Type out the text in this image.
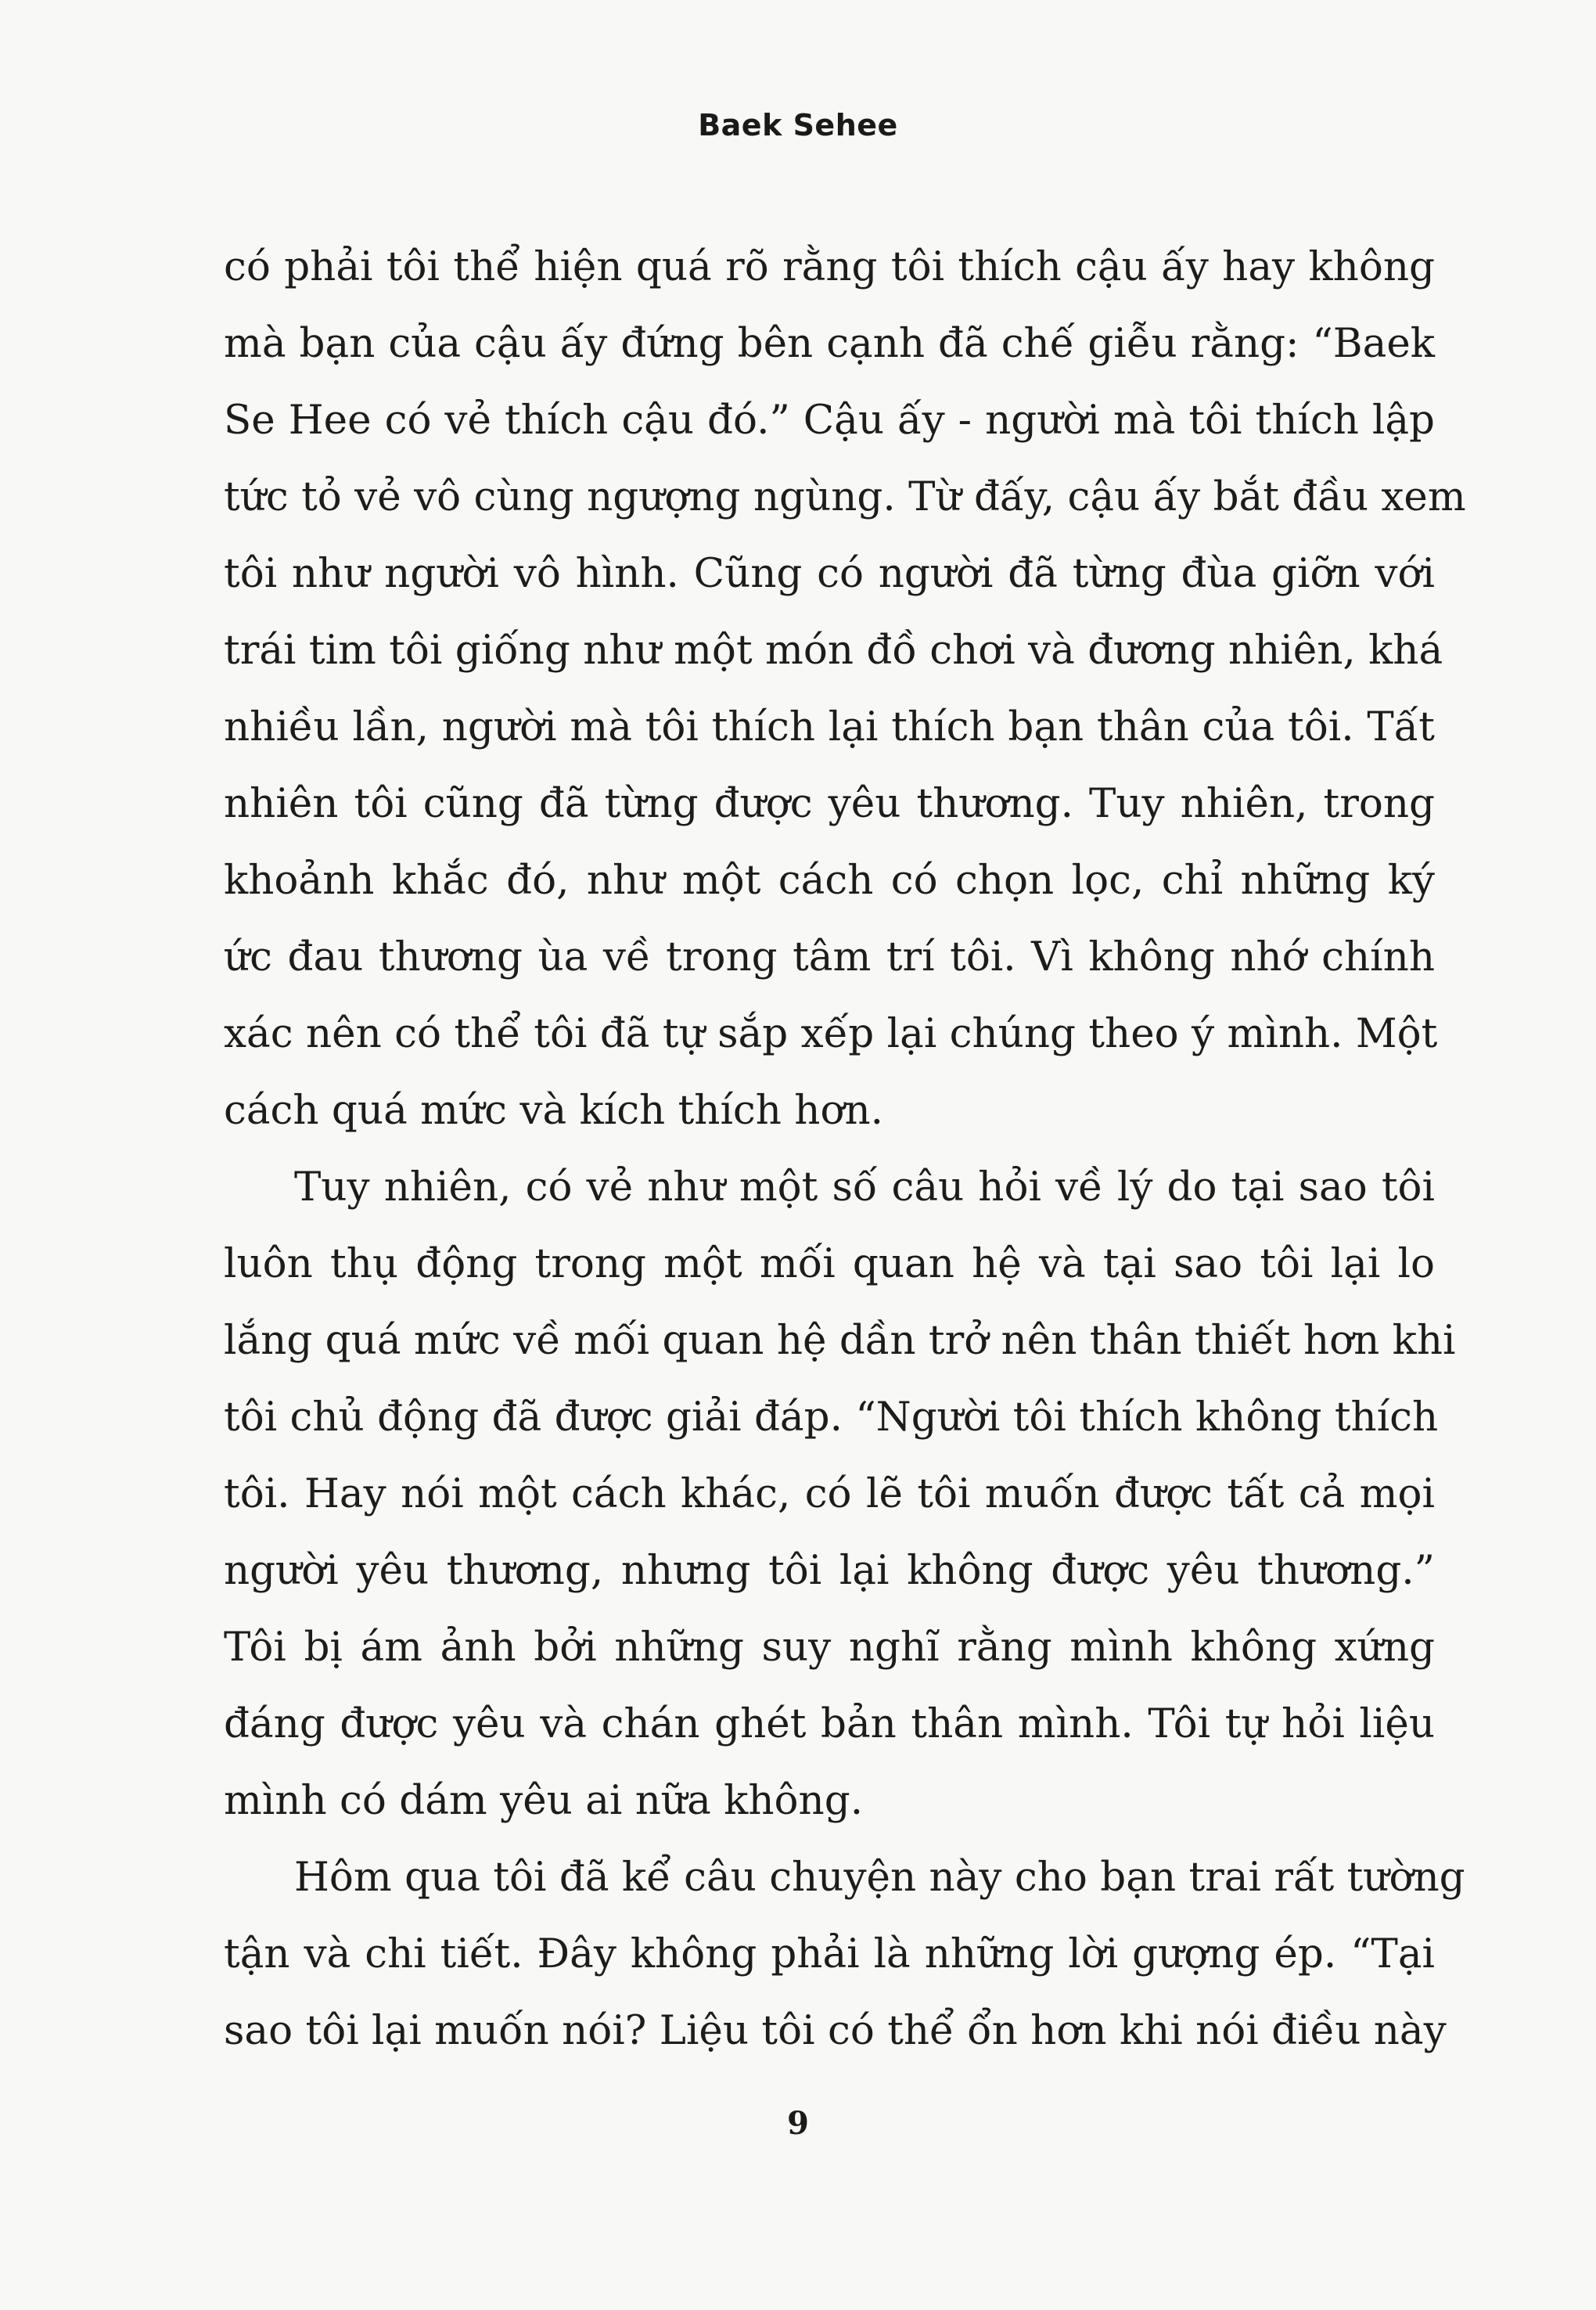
Baek Sehee
có phải tôi thể hiện quá rõ rằng tôi thích cậu ấy hay không
mà bạn của cậu ấy đứng bên cạnh đã chế giễu rằng: “Baek
Se Hee có vẻ thích cậu đó.” Cậu ấy - người mà tôi thích lập
tức tỏ vẻ vô cùng ngượng ngùng. Từ đấy, cậu ấy bắt đầu xem
tôi như người vô hình. Cũng có người đã từng đùa giỡn với
trái tim tôi giống như một món đồ chơi và đương nhiên, khá
nhiều lần, người mà tôi thích lại thích bạn thân của tôi. Tất
nhiên tôi cũng đã từng được yêu thương. Tuy nhiên, trong
khoảnh khắc đó, như một cách có chọn lọc, chỉ những ký
ức đau thương ùa về trong tâm trí tôi. Vì không nhớ chính
xác nên có thể tôi đã tự sắp xếp lại chúng theo ý mình. Một
cách quá mức và kích thích hơn.
Tuy nhiên, có vẻ như một số câu hỏi về lý do tại sao tôi
luôn thụ động trong một mối quan hệ và tại sao tôi lại lo
lắng quá mức về mối quan hệ dần trở nên thân thiết hơn khi
tôi chủ động đã được giải đáp. “Người tôi thích không thích
tôi. Hay nói một cách khác, có lẽ tôi muốn được tất cả mọi
người yêu thương, nhưng tôi lại không được yêu thương.”
Tôi bị ám ảnh bởi những suy nghĩ rằng mình không xứng
đáng được yêu và chán ghét bản thân mình. Tôi tự hỏi liệu
mình có dám yêu ai nữa không.
Hôm qua tôi đã kể câu chuyện này cho bạn trai rất tường
tận và chi tiết. Đây không phải là những lời gượng ép. “Tại
sao tôi lại muốn nói? Liệu tôi có thể ổn hơn khi nói điều này
9
